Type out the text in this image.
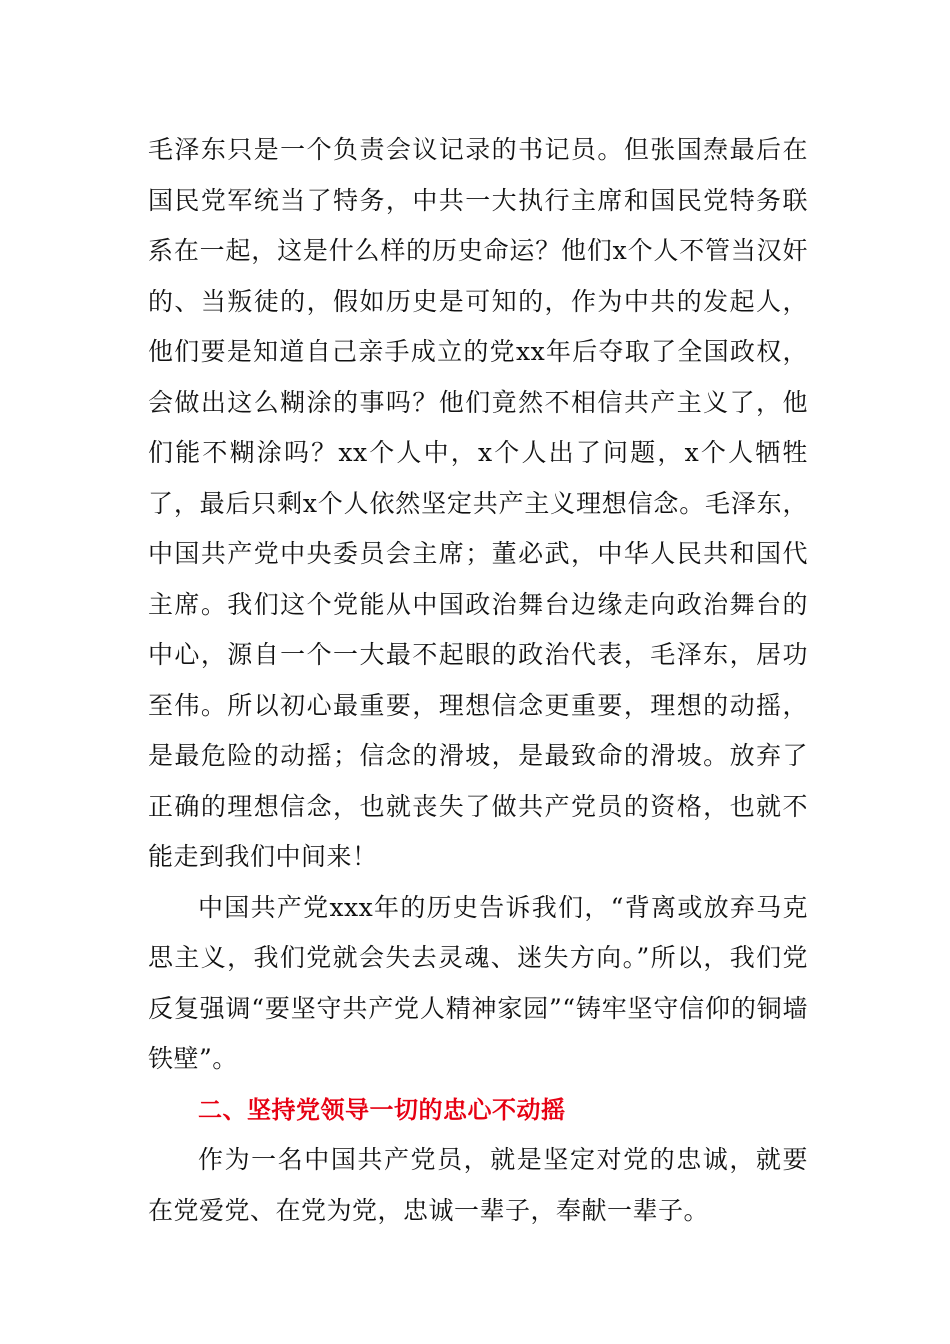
毛泽东只是一个负责会议记录的书记员。但张国焘最后在国民党军统当了特务，中共一大执行主席和国民党特务联系在一起，这是什么样的历史命运？他们x个人不管当汉奸的、当叛徒的，假如历史是可知的，作为中共的发起人，他们要是知道自己亲手成立的党xx年后夺取了全国政权，会做出这么糊涂的事吗？他们竟然不相信共产主义了，他们能不糊涂吗？xx个人中，x个人出了问题，x个人牺牲了，最后只剩x个人依然坚定共产主义理想信念。毛泽东，中国共产党中央委员会主席；董必武，中华人民共和国代主席。我们这个党能从中国政治舞台边缘走向政治舞台的中心，源自一个一大最不起眼的政治代表，毛泽东，居功至伟。所以初心最重要，理想信念更重要，理想的动摇，是最危险的动摇；信念的滑坡，是最致命的滑坡。放弃了正确的理想信念，也就丧失了做共产党员的资格，也就不能走到我们中间来！

中国共产党xxx年的历史告诉我们，“背离或放弃马克思主义，我们党就会失去灵魂、迷失方向。”所以，我们党反复强调“要坚守共产党人精神家园”“铸牢坚守信仰的铜墙铁壁”。

二、坚持党领导一切的忠心不动摇

作为一名中国共产党员，就是坚定对党的忠诚，就要在党爱党、在党为党，忠诚一辈子，奉献一辈子。
